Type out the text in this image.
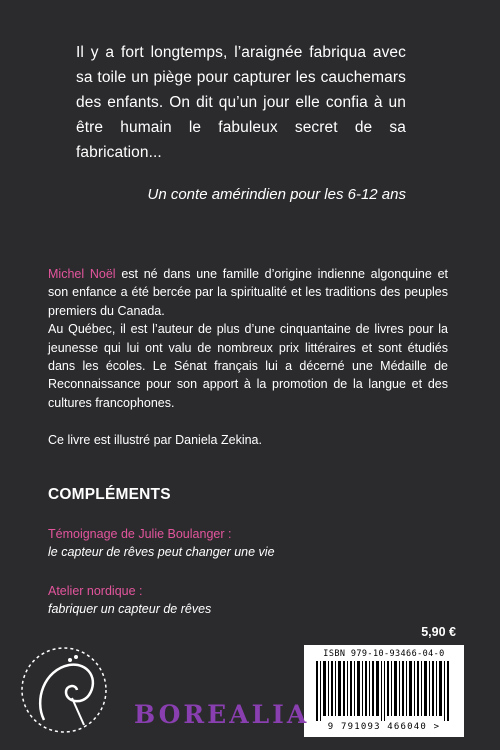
Il y a fort longtemps, l’araignée fabriqua avec sa toile un piège pour capturer les cauchemars des enfants. On dit qu’un jour elle confia à un être humain le fabuleux secret de sa fabrication...

Un conte amérindien pour les 6-12 ans

Michel Noël est né dans une famille d’origine indienne algonquine et son enfance a été bercée par la spiritualité et les traditions des peuples premiers du Canada.

Au Québec, il est l’auteur de plus d’une cinquantaine de livres pour la jeunesse qui lui ont valu de nombreux prix littéraires et sont étudiés dans les écoles. Le Sénat français lui a décerné une Médaille de Reconnaissance pour son apport à la promotion de la langue et des cultures francophones.

Ce livre est illustré par Daniela Zekina.
COMPLÉMENTS
Témoignage de Julie Boulanger :
le capteur de rêves peut changer une vie
Atelier nordique :
fabriquer un capteur de rêves
5,90 €
ISBN 979-10-93466-04-0
9 791093 466040 >
BOREALIA
